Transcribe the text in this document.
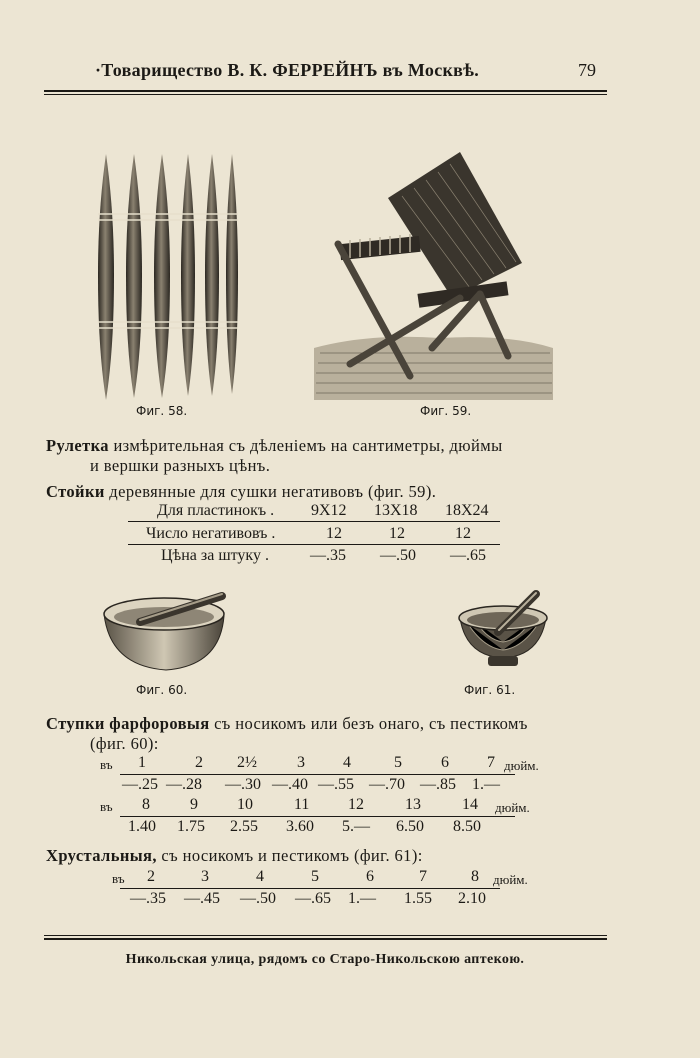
·Товарищество В. К. ФЕРРЕЙНЪ въ Москвѣ.	79
Фиг. 58.	Фиг. 59.
Рулетка измѣрительная съ дѣленіемъ на сантиметры, дюймы
и вершки разныхъ цѣнъ.
Стойки деревянные для сушки негативовъ (фиг. 59).
Для пластинокъ . 9X12 13X18 18X24
Число негативовъ .	12	12	12
Цѣна за штуку .	—.35 —.50 —.65
Фиг. 60.	Фиг. 61.
Ступки фарфоровыя съ носикомъ или безъ онаго, съ пестикомъ
(фиг. 60):
въ 1	2 2½	3 4	5 6 7 дюйм.
—.25 —.28 —.30 —.40 —.55 —.70 —.85 1.—
въ 8	9 10	11 12	13	14 дюйм.
1.40 1.75 2.55 3.60 5.— 6.50 8.50
Хрустальныя, съ носикомъ и пестикомъ (фиг. 61):
въ 2	3	4	5	6	7	8 дюйм.
—.35 —.45 —.50 —.65 1.— 1.55 2.10
Никольская улица, рядомъ со Старо-Никольскою аптекою.
